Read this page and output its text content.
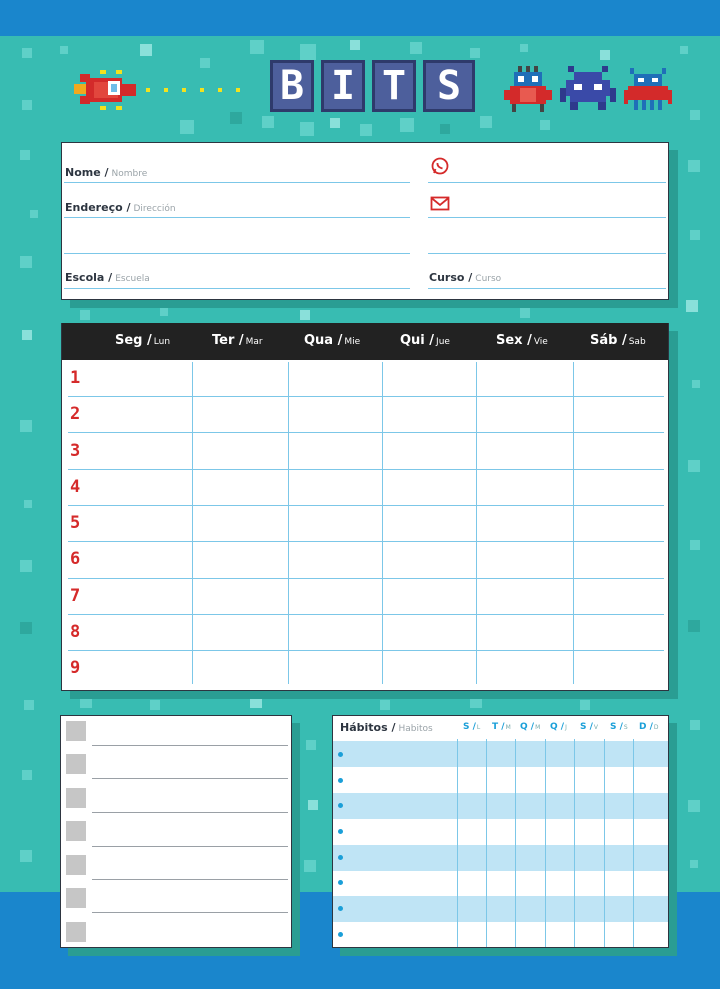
B I T S
Nome / Nombre
Endereço / Dirección
Escola / Escuela	Curso / Curso
Seg / Lun	Ter / Mar	Qua / Mie	Qui / Jue	Sex / Vie	Sáb / Sab
1
2
3
4
5
6
7
8
9
Hábitos / Habitos	S /L T /M Q /M Q /J S /V S /S D /D
